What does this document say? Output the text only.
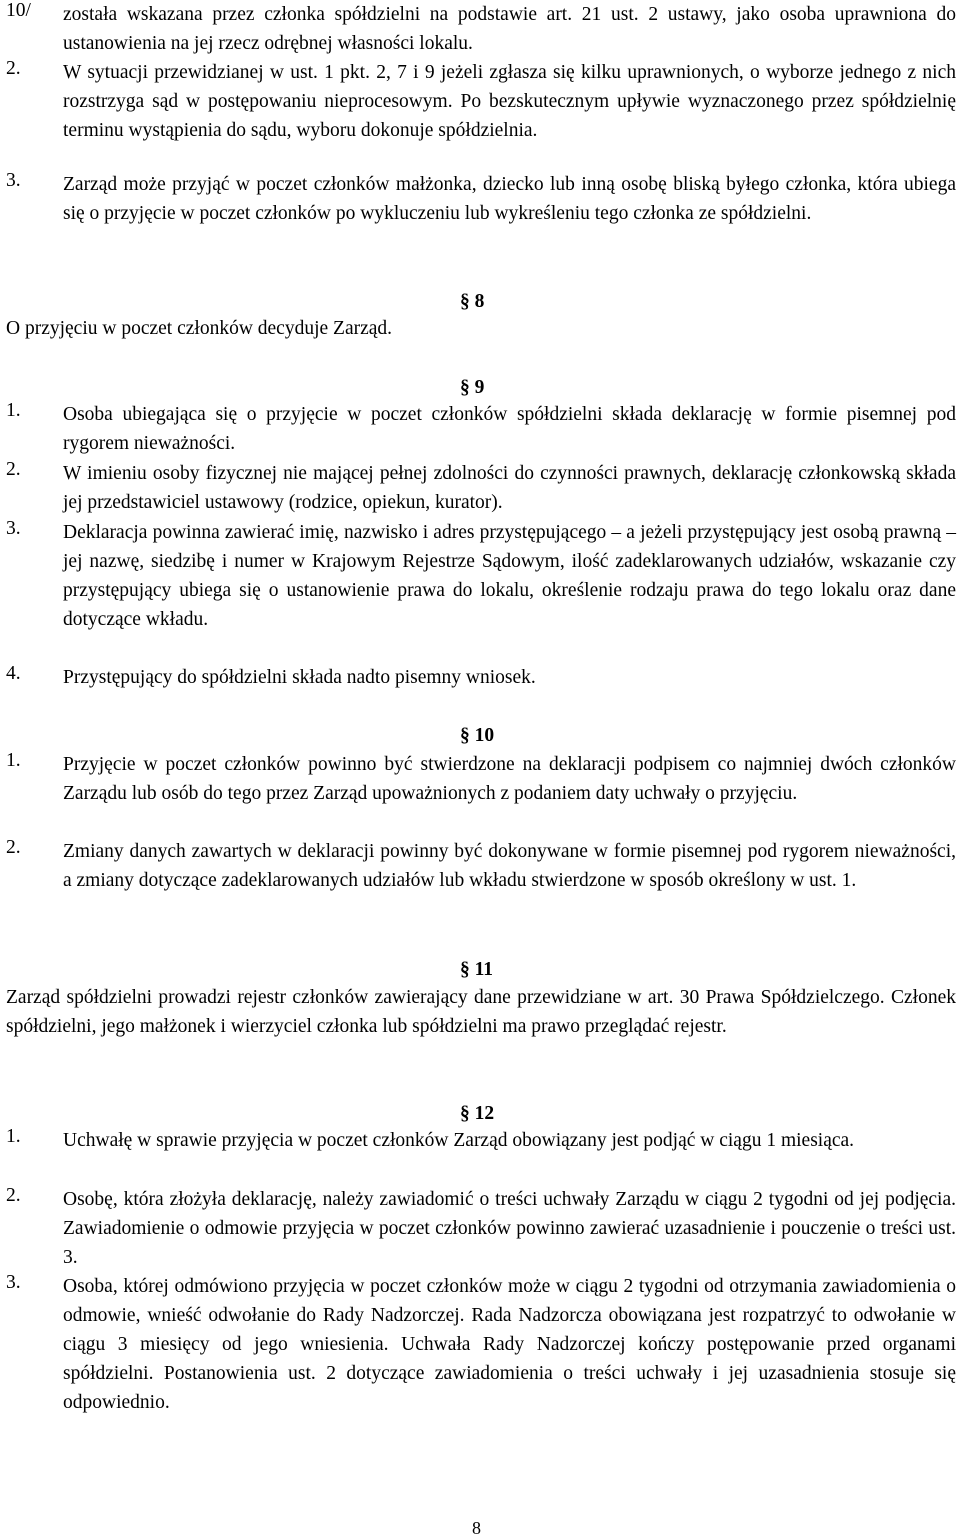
10/ została wskazana przez członka spółdzielni na podstawie art. 21 ust. 2 ustawy, jako osoba uprawniona do ustanowienia na jej rzecz odrębnej własności lokalu.
2. W sytuacji przewidzianej w ust. 1 pkt. 2, 7 i 9 jeżeli zgłasza się kilku uprawnionych, o wyborze jednego z nich rozstrzyga sąd w postępowaniu nieprocesowym. Po bezskutecznym upływie wyznaczonego przez spółdzielnię terminu wystąpienia do sądu, wyboru dokonuje spółdzielnia.
3. Zarząd może przyjąć w poczet członków małżonka, dziecko lub inną osobę bliską byłego członka, która ubiega się o przyjęcie w poczet członków po wykluczeniu lub wykreśleniu tego członka ze spółdzielni.
§ 8
O przyjęciu w poczet członków decyduje Zarząd.
§ 9
1. Osoba ubiegająca się o przyjęcie w poczet członków spółdzielni składa deklarację w formie pisemnej pod rygorem nieważności.
2. W imieniu osoby fizycznej nie mającej pełnej zdolności do czynności prawnych, deklarację członkowską składa jej przedstawiciel ustawowy (rodzice, opiekun, kurator).
3. Deklaracja powinna zawierać imię, nazwisko i adres przystępującego – a jeżeli przystępujący jest osobą prawną – jej nazwę, siedzibę i numer w Krajowym Rejestrze Sądowym, ilość zadeklarowanych udziałów, wskazanie czy przystępujący ubiega się o ustanowienie prawa do lokalu, określenie rodzaju prawa do tego lokalu oraz dane dotyczące wkładu.
4. Przystępujący do spółdzielni składa nadto pisemny wniosek.
§ 10
1. Przyjęcie w poczet członków powinno być stwierdzone na deklaracji podpisem co najmniej dwóch członków Zarządu lub osób do tego przez Zarząd upoważnionych z podaniem daty uchwały o przyjęciu.
2. Zmiany danych zawartych w deklaracji powinny być dokonywane w formie pisemnej pod rygorem nieważności, a zmiany dotyczące zadeklarowanych udziałów lub wkładu stwierdzone w sposób określony w ust. 1.
§ 11
Zarząd spółdzielni prowadzi rejestr członków zawierający dane przewidziane w art. 30 Prawa Spółdzielczego. Członek spółdzielni, jego małżonek i wierzyciel członka lub spółdzielni ma prawo przeglądać rejestr.
§ 12
1. Uchwałę w sprawie przyjęcia w poczet członków Zarząd obowiązany jest podjąć w ciągu 1 miesiąca.
2. Osobę, która złożyła deklarację, należy zawiadomić o treści uchwały Zarządu w ciągu 2 tygodni od jej podjęcia. Zawiadomienie o odmowie przyjęcia w poczet członków powinno zawierać uzasadnienie i pouczenie o treści ust. 3.
3. Osoba, której odmówiono przyjęcia w poczet członków może w ciągu 2 tygodni od otrzymania zawiadomienia o odmowie, wnieść odwołanie do Rady Nadzorczej. Rada Nadzorcza obowiązana jest rozpatrzyć to odwołanie w ciągu 3 miesięcy od jego wniesienia. Uchwała Rady Nadzorczej kończy postępowanie przed organami spółdzielni. Postanowienia ust. 2 dotyczące zawiadomienia o treści uchwały i jej uzasadnienia stosuje się odpowiednio.
8
